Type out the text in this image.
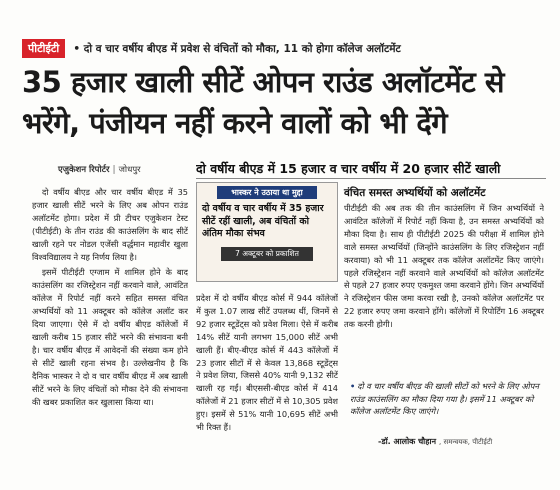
पीटीईटी • दो व चार वर्षीय बीएड में प्रवेश से वंचितों को मौका, 11 को होगा कॉलेज अलॉटमेंट
35 हजार खाली सीटें ओपन राउंड अलॉटमेंट से भरेंगे, पंजीयन नहीं करने वालों को भी देंगे
एजुकेशन रिपोर्टर | जोधपुर	दो वर्षीय बीएड में 15 हजार व चार वर्षीय में 20 हजार सीटें खाली

दो वर्षीय बीएड और चार वर्षीय बीएड में 35 हजार खाली सीटें भरने के लिए अब ओपन राउंड अलॉटमेंट होगा। प्रदेश में प्री टीचर एजुकेशन टेस्ट (पीटीईटी) के तीन राउंड की काउंसलिंग के बाद सीटें खाली रहने पर नोडल एजेंसी वर्द्धमान महावीर खुला विश्वविद्यालय ने यह निर्णय लिया है।

इसमें पीटीईटी एग्जाम में शामिल होने के बाद काउंसलिंग का रजिस्ट्रेशन नहीं करवाने वाले, आवंटित कॉलेज में रिपोर्ट नहीं करने सहित समस्त वंचित अभ्यर्थियों को 11 अक्टूबर को कॉलेज अलॉट कर दिया जाएगा। ऐसे में दो वर्षीय बीएड कॉलेजों में खाली करीब 15 हजार सीटें भरने की संभावना बनी है। चार वर्षीय बीएड में आवेदनों की संख्या कम होने से सीटें खाली रहना संभव है। उल्लेखनीय है कि दैनिक भास्कर ने दो व चार वर्षीय बीएड में अब खाली सीटें भरने के लिए वंचितों को मौका देने की संभावना की खबर प्रकाशित कर खुलासा किया था।

भास्कर ने उठाया था मुद्दा
दो वर्षीय व चार वर्षीय में 35 हजार सीटें रहीं खाली, अब वंचितों को अंतिम मौका संभव
7 अक्टूबर को प्रकाशित

प्रदेश में दो वर्षीय बीएड कोर्स में 944 कॉलेजों में कुल 1.07 लाख सीटें उपलब्ध थीं, जिनमें से 92 हजार स्टूडेंट्स को प्रवेश मिला। ऐसे में करीब 14% सीटें यानी लगभग 15,000 सीटें अभी खाली हैं। बीए-बीएड कोर्स में 443 कॉलेजों में 23 हजार सीटों में से केवल 13,868 स्टूडेंट्स ने प्रवेश लिया, जिससे 40% यानी 9,132 सीटें खाली रह गईं। बीएससी-बीएड कोर्स में 414 कॉलेजों में 21 हजार सीटों में से 10,305 प्रवेश हुए। इसमें से 51% यानी 10,695 सीटें अभी भी रिक्त हैं।

वंचित समस्त अभ्यर्थियों को अलॉटमेंट

पीटीईटी की अब तक की तीन काउंसलिंग में जिन अभ्यर्थियों ने आवंटित कॉलेजों में रिपोर्ट नहीं किया है, उन समस्त अभ्यर्थियों को मौका दिया है। साथ ही पीटीईटी 2025 की परीक्षा में शामिल होने वाले समस्त अभ्यर्थियों (जिन्होंने काउंसलिंग के लिए रजिस्ट्रेशन नहीं करवाया) को भी 11 अक्टूबर तक कॉलेज अलॉटमेंट किए जाएंगे। पहले रजिस्ट्रेशन नहीं करवाने वाले अभ्यर्थियों को कॉलेज अलॉटमेंट से पहले 27 हजार रुपए एकमुश्त जमा करवाने होंगे। जिन अभ्यर्थियों ने रजिस्ट्रेशन फीस जमा करवा रखी है, उनको कॉलेज अलॉटमेंट पर 22 हजार रुपए जमा करवाने होंगे। कॉलेजों में रिपोर्टिंग 16 अक्टूबर तक करनी होगी।

• दो व चार वर्षीय बीएड की खाली सीटों को भरने के लिए ओपन राउंड काउंसलिंग का मौका दिया गया है। इसमें 11 अक्टूबर को कॉलेज अलॉटमेंट किए जाएंगे।
-डॉ. आलोक चौहान , समन्वयक, पीटीईटी
